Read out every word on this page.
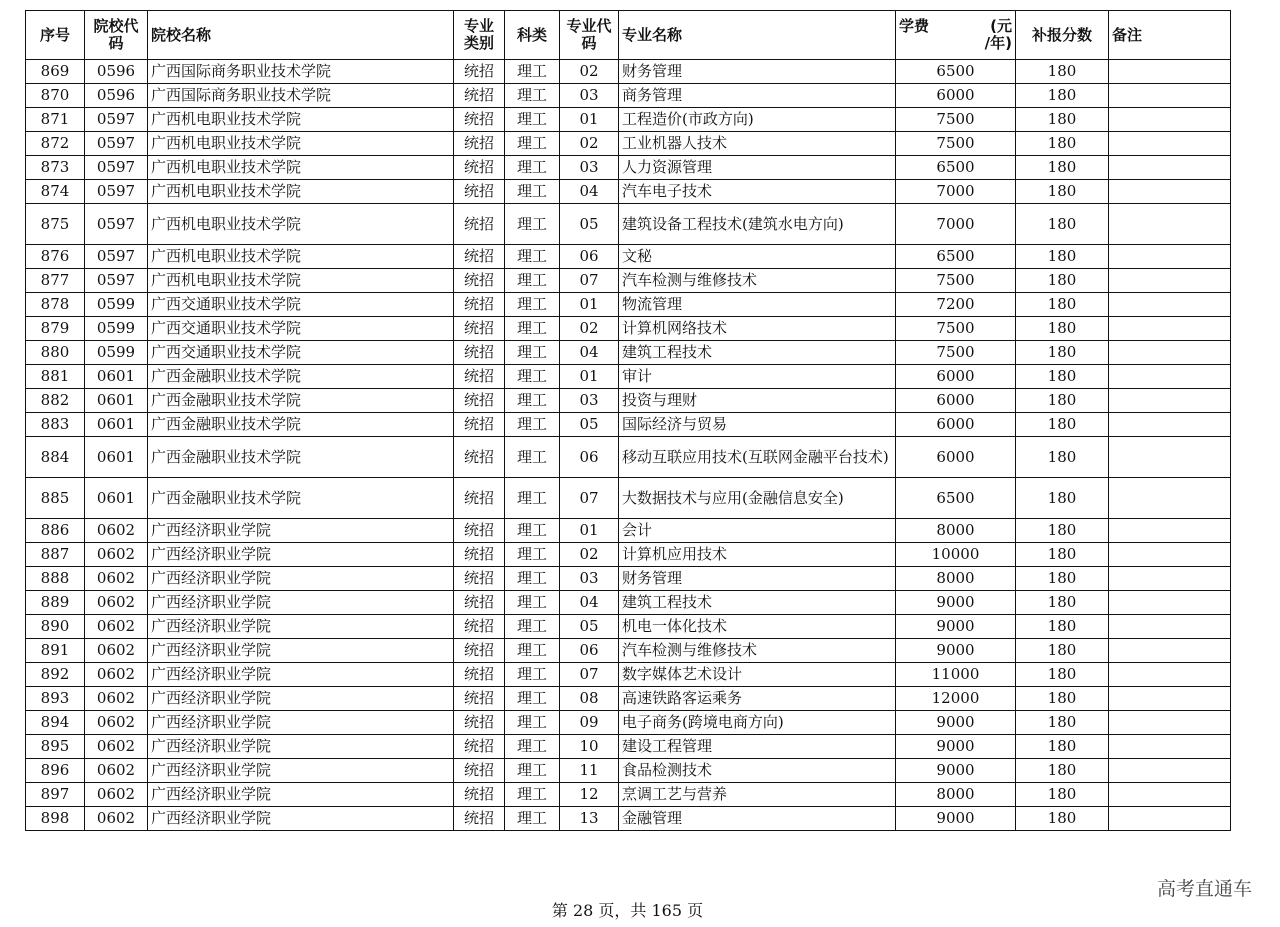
序号	院校代码	院校名称	专业类别	科类	专业代码	专业名称	学费 (元
/年)	补报分数	备注
869	0596	广西国际商务职业技术学院	统招	理工	02	财务管理	6500	180	
870	0596	广西国际商务职业技术学院	统招	理工	03	商务管理	6000	180	
871	0597	广西机电职业技术学院	统招	理工	01	工程造价(市政方向)	7500	180	
872	0597	广西机电职业技术学院	统招	理工	02	工业机器人技术	7500	180	
873	0597	广西机电职业技术学院	统招	理工	03	人力资源管理	6500	180	
874	0597	广西机电职业技术学院	统招	理工	04	汽车电子技术	7000	180	
875	0597	广西机电职业技术学院	统招	理工	05	建筑设备工程技术(建筑水电方向)	7000	180	
876	0597	广西机电职业技术学院	统招	理工	06	文秘	6500	180	
877	0597	广西机电职业技术学院	统招	理工	07	汽车检测与维修技术	7500	180	
878	0599	广西交通职业技术学院	统招	理工	01	物流管理	7200	180	
879	0599	广西交通职业技术学院	统招	理工	02	计算机网络技术	7500	180	
880	0599	广西交通职业技术学院	统招	理工	04	建筑工程技术	7500	180	
881	0601	广西金融职业技术学院	统招	理工	01	审计	6000	180	
882	0601	广西金融职业技术学院	统招	理工	03	投资与理财	6000	180	
883	0601	广西金融职业技术学院	统招	理工	05	国际经济与贸易	6000	180	
884	0601	广西金融职业技术学院	统招	理工	06	移动互联应用技术(互联网金融平台技术)	6000	180	
885	0601	广西金融职业技术学院	统招	理工	07	大数据技术与应用(金融信息安全)	6500	180	
886	0602	广西经济职业学院	统招	理工	01	会计	8000	180	
887	0602	广西经济职业学院	统招	理工	02	计算机应用技术	10000	180	
888	0602	广西经济职业学院	统招	理工	03	财务管理	8000	180	
889	0602	广西经济职业学院	统招	理工	04	建筑工程技术	9000	180	
890	0602	广西经济职业学院	统招	理工	05	机电一体化技术	9000	180	
891	0602	广西经济职业学院	统招	理工	06	汽车检测与维修技术	9000	180	
892	0602	广西经济职业学院	统招	理工	07	数字媒体艺术设计	11000	180	
893	0602	广西经济职业学院	统招	理工	08	高速铁路客运乘务	12000	180	
894	0602	广西经济职业学院	统招	理工	09	电子商务(跨境电商方向)	9000	180	
895	0602	广西经济职业学院	统招	理工	10	建设工程管理	9000	180	
896	0602	广西经济职业学院	统招	理工	11	食品检测技术	9000	180	
897	0602	广西经济职业学院	统招	理工	12	烹调工艺与营养	8000	180	
898	0602	广西经济职业学院	统招	理工	13	金融管理	9000	180	
第 28 页，共 165 页
高考直通车
